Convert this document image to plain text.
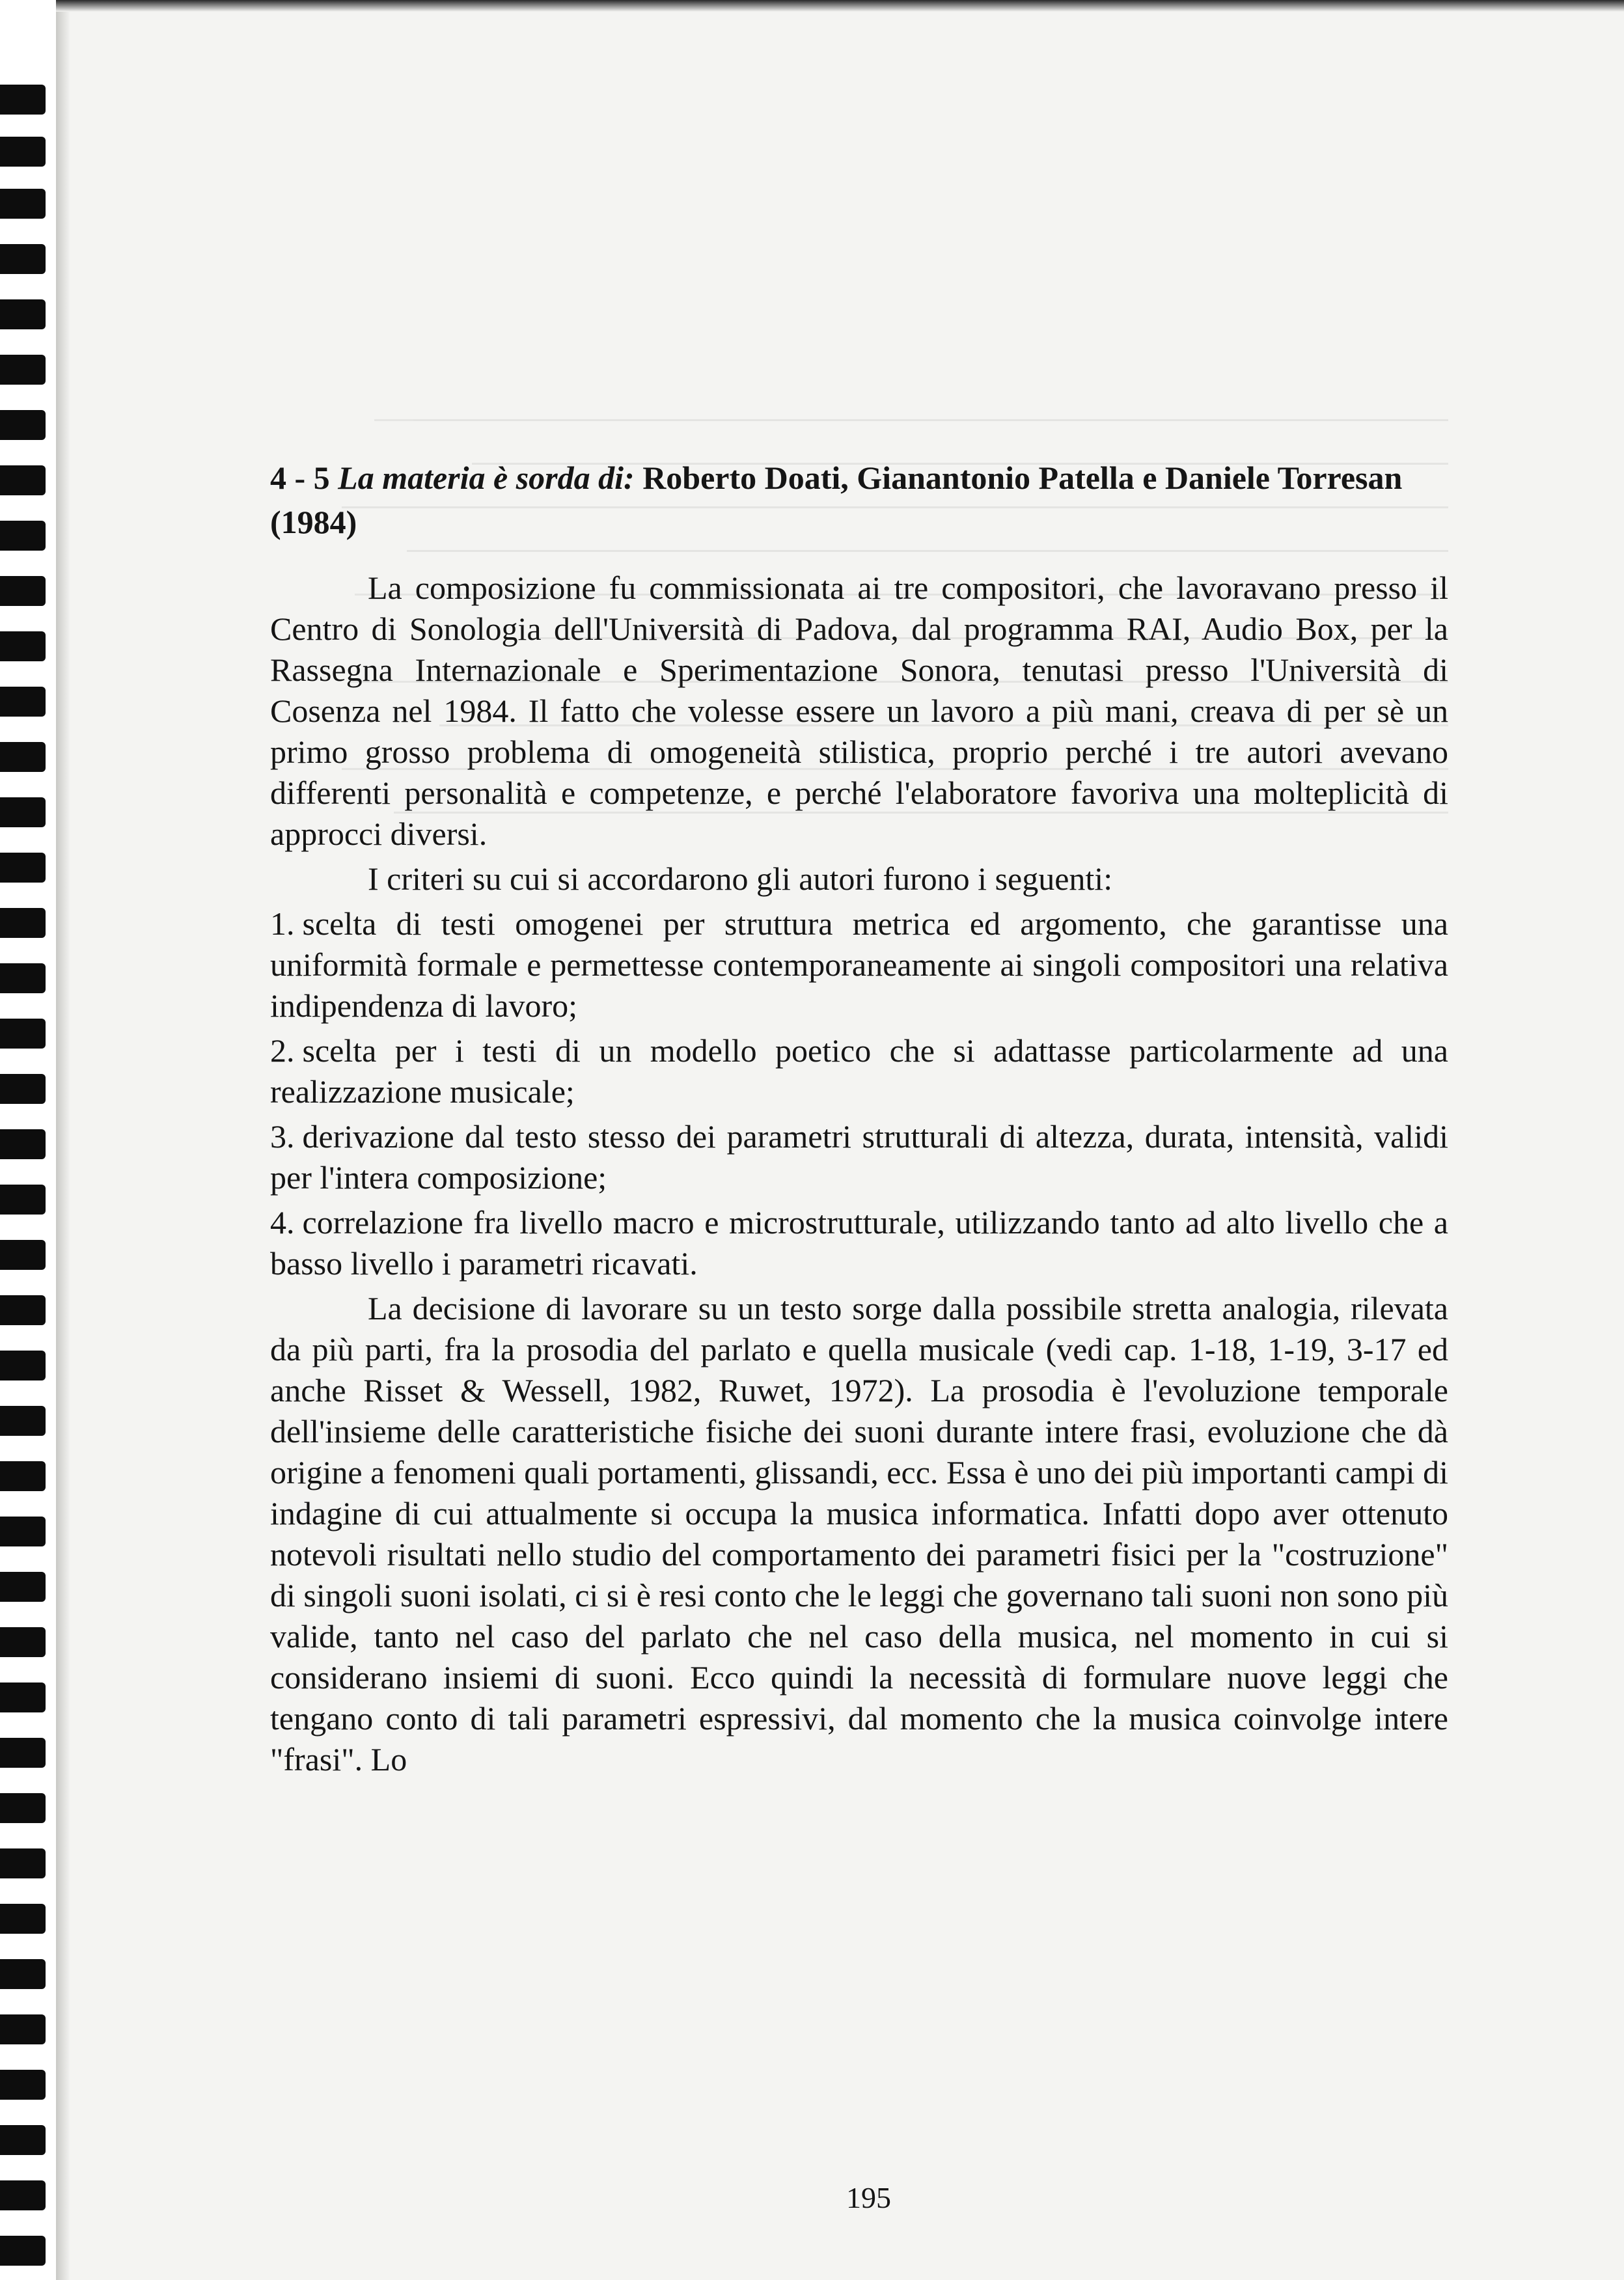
4 - 5 La materia è sorda di: Roberto Doati, Gianantonio Patella e Daniele Torresan (1984)

La composizione fu commissionata ai tre compositori, che lavoravano presso il Centro di Sonologia dell'Università di Padova, dal programma RAI, Audio Box, per la Rassegna Internazionale e Sperimentazione Sonora, tenutasi presso l'Università di Cosenza nel 1984. Il fatto che volesse essere un lavoro a più mani, creava di per sè un primo grosso problema di omogeneità stilistica, proprio perché i tre autori avevano differenti personalità e competenze, e perché l'elaboratore favoriva una molteplicità di approcci diversi.

I criteri su cui si accordarono gli autori furono i seguenti:

1. scelta di testi omogenei per struttura metrica ed argomento, che garantisse una uniformità formale e permettesse contemporaneamente ai singoli compositori una relativa indipendenza di lavoro;
2. scelta per i testi di un modello poetico che si adattasse particolarmente ad una realizzazione musicale;
3. derivazione dal testo stesso dei parametri strutturali di altezza, durata, intensità, validi per l'intera composizione;
4. correlazione fra livello macro e microstrutturale, utilizzando tanto ad alto livello che a basso livello i parametri ricavati.

La decisione di lavorare su un testo sorge dalla possibile stretta analogia, rilevata da più parti, fra la prosodia del parlato e quella musicale (vedi cap. 1-18, 1-19, 3-17 ed anche Risset & Wessell, 1982, Ruwet, 1972). La prosodia è l'evoluzione temporale dell'insieme delle caratteristiche fisiche dei suoni durante intere frasi, evoluzione che dà origine a fenomeni quali portamenti, glissandi, ecc. Essa è uno dei più importanti campi di indagine di cui attualmente si occupa la musica informatica. Infatti dopo aver ottenuto notevoli risultati nello studio del comportamento dei parametri fisici per la "costruzione" di singoli suoni isolati, ci si è resi conto che le leggi che governano tali suoni non sono più valide, tanto nel caso del parlato che nel caso della musica, nel momento in cui si considerano insiemi di suoni. Ecco quindi la necessità di formulare nuove leggi che tengano conto di tali parametri espressivi, dal momento che la musica coinvolge intere "frasi". Lo

195
